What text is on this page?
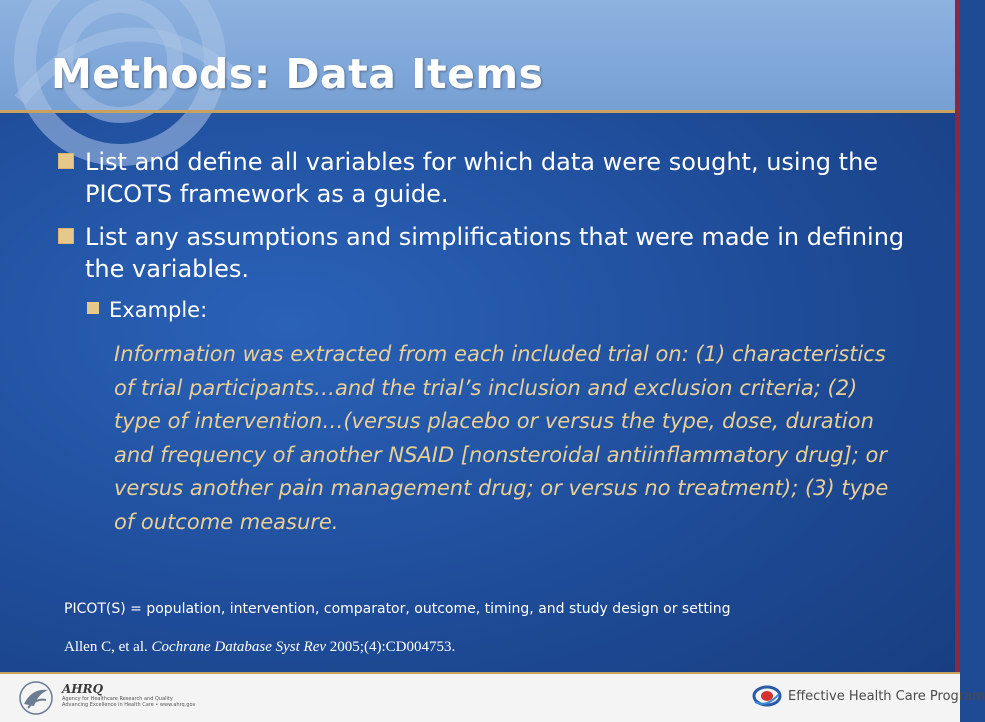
Methods: Data Items
List and define all variables for which data were sought, using the PICOTS framework as a guide.
List any assumptions and simplifications that were made in defining the variables.
Example:
Information was extracted from each included trial on: (1) characteristics of trial participants…and the trial’s inclusion and exclusion criteria; (2) type of intervention…(versus placebo or versus the type, dose, duration and frequency of another NSAID [nonsteroidal antiinflammatory drug]; or versus another pain management drug; or versus no treatment); (3) type of outcome measure.
PICOT(S) = population, intervention, comparator, outcome, timing, and study design or setting
Allen C, et al. Cochrane Database Syst Rev 2005;(4):CD004753.
AHRQ
Agency for Healthcare Research and Quality
Advancing Excellence in Health Care • www.ahrq.gov
Effective Health Care Program
